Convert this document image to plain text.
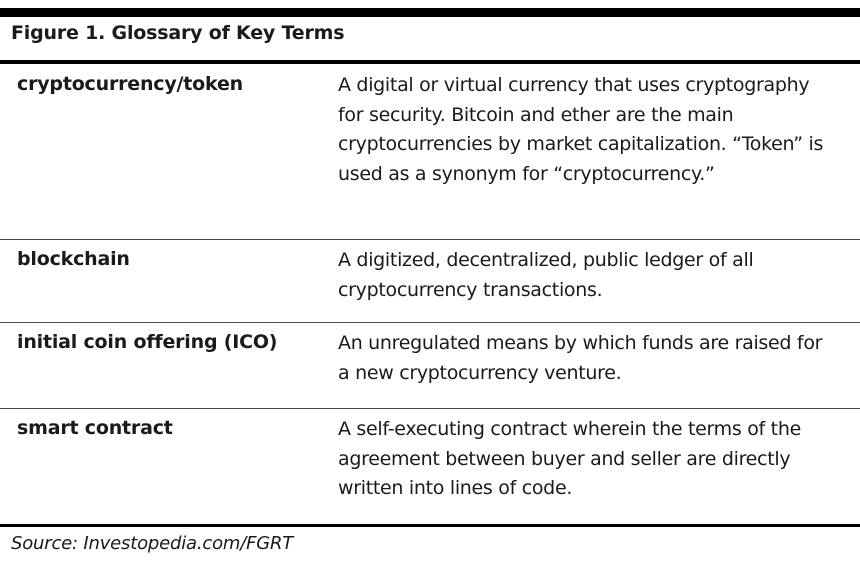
Figure 1. Glossary of Key Terms
cryptocurrency/token	A digital or virtual currency that uses cryptography for security. Bitcoin and ether are the main cryptocurrencies by market capitalization. “Token” is used as a synonym for “cryptocurrency.”
blockchain	A digitized, decentralized, public ledger of all cryptocurrency transactions.
initial coin offering (ICO)	An unregulated means by which funds are raised for a new cryptocurrency venture.
smart contract	A self-executing contract wherein the terms of the agreement between buyer and seller are directly written into lines of code.
Source: Investopedia.com/FGRT
